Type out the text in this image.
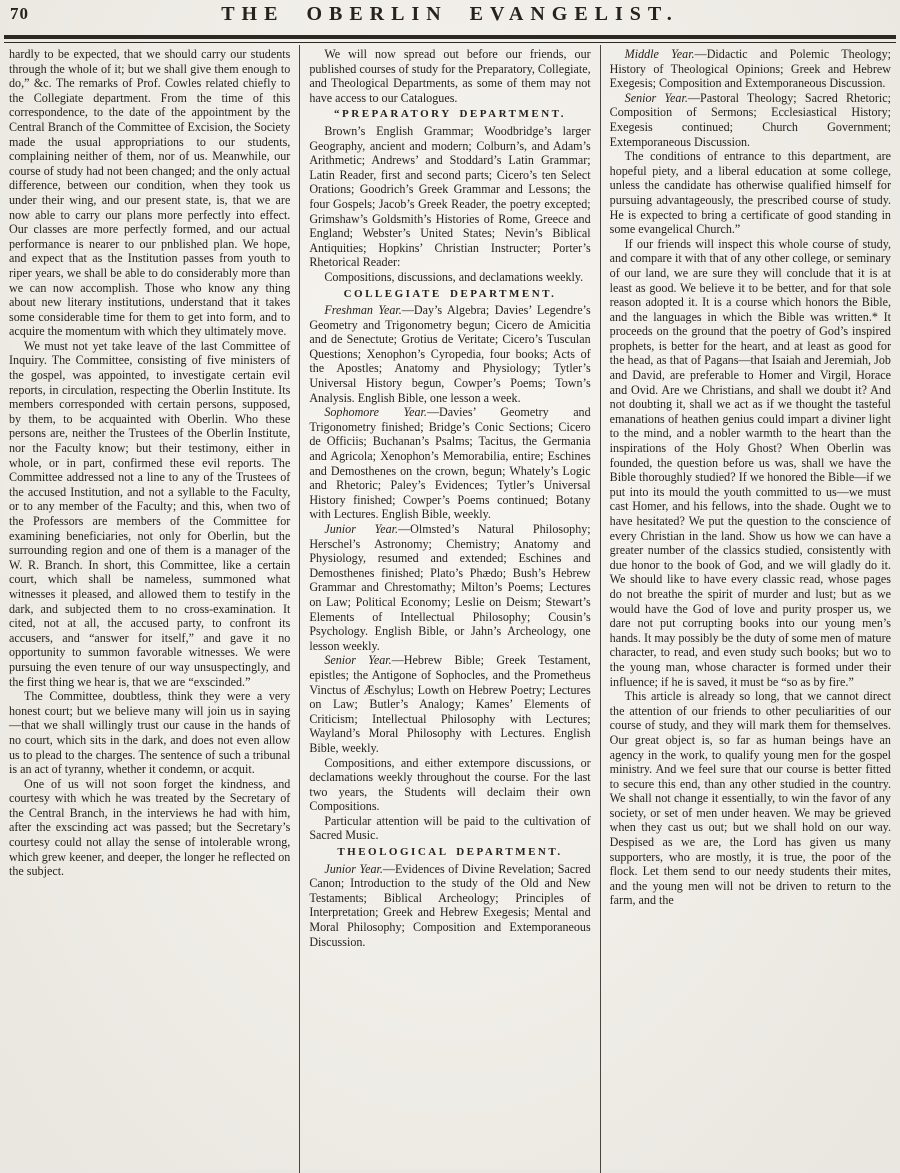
70	THE OBERLIN EVANGELIST.

hardly to be expected, that we should carry our students through the whole of it; but we shall give them enough to do,” &c. The remarks of Prof. Cowles related chiefly to the Collegiate department. From the time of this correspondence, to the date of the appointment by the Central Branch of the Committee of Excision, the Society made the usual appropriations to our students, complaining neither of them, nor of us. Meanwhile, our course of study had not been changed; and the only actual difference, between our condition, when they took us under their wing, and our present state, is, that we are now able to carry our plans more perfectly into effect. Our classes are more perfectly formed, and our actual performance is nearer to our pnblished plan. We hope, and expect that as the Institution passes from youth to riper years, we shall be able to do considerably more than we can now accomplish. Those who know any thing about new literary institutions, understand that it takes some considerable time for them to get into form, and to acquire the momentum with which they ultimately move.

We must not yet take leave of the last Committee of Inquiry. The Committee, consisting of five ministers of the gospel, was appointed, to investigate certain evil reports, in circulation, respecting the Oberlin Institute. Its members corresponded with certain persons, supposed, by them, to be acquainted with Oberlin. Who these persons are, neither the Trustees of the Oberlin Institute, nor the Faculty know; but their testimony, either in whole, or in part, confirmed these evil reports. The Committee addressed not a line to any of the Trustees of the accused Institution, and not a syllable to the Faculty, or to any member of the Faculty; and this, when two of the Professors are members of the Committee for examining beneficiaries, not only for Oberlin, but the surrounding region and one of them is a manager of the W. R. Branch. In short, this Committee, like a certain court, which shall be nameless, summoned what witnesses it pleased, and allowed them to testify in the dark, and subjected them to no cross-examination. It cited, not at all, the accused party, to confront its accusers, and “answer for itself,” and gave it no opportunity to summon favorable witnesses. We were pursuing the even tenure of our way unsuspectingly, and the first thing we hear is, that we are “exscinded.”

The Committee, doubtless, think they were a very honest court; but we believe many will join us in saying—that we shall willingly trust our cause in the hands of no court, which sits in the dark, and does not even allow us to plead to the charges. The sentence of such a tribunal is an act of tyranny, whether it condemn, or acquit.

One of us will not soon forget the kindness, and courtesy with which he was treated by the Secretary of the Central Branch, in the interviews he had with him, after the exscinding act was passed; but the Secretary’s courtesy could not allay the sense of intolerable wrong, which grew keener, and deeper, the longer he reflected on the subject.

We will now spread out before our friends, our published courses of study for the Preparatory, Collegiate, and Theological Departments, as some of them may not have access to our Catalogues.

“PREPARATORY DEPARTMENT.

Brown’s English Grammar; Woodbridge’s larger Geography, ancient and modern; Colburn’s, and Adam’s Arithmetic; Andrews’ and Stoddard’s Latin Grammar; Latin Reader, first and second parts; Cicero’s ten Select Orations; Goodrich’s Greek Grammar and Lessons; the four Gospels; Jacob’s Greek Reader, the poetry excepted; Grimshaw’s Goldsmith’s Histories of Rome, Greece and England; Webster’s United States; Nevin’s Biblical Antiquities; Hopkins’ Christian Instructer; Porter’s Rhetorical Reader:

Compositions, discussions, and declamations weekly.

COLLEGIATE DEPARTMENT.

Freshman Year.—Day’s Algebra; Davies’ Legendre’s Geometry and Trigonometry begun; Cicero de Amicitia and de Senectute; Grotius de Veritate; Cicero’s Tusculan Questions; Xenophon’s Cyropedia, four books; Acts of the Apostles; Anatomy and Physiology; Tytler’s Universal History begun, Cowper’s Poems; Town’s Analysis. English Bible, one lesson a week.

Sophomore Year.—Davies’ Geometry and Trigonometry finished; Bridge’s Conic Sections; Cicero de Officiis; Buchanan’s Psalms; Tacitus, the Germania and Agricola; Xenophon’s Memorabilia, entire; Eschines and Demosthenes on the crown, begun; Whately’s Logic and Rhetoric; Paley’s Evidences; Tytler’s Universal History finished; Cowper’s Poems continued; Botany with Lectures. English Bible, weekly.

Junior Year.—Olmsted’s Natural Philosophy; Herschel’s Astronomy; Chemistry; Anatomy and Physiology, resumed and extended; Eschines and Demosthenes finished; Plato’s Phædo; Bush’s Hebrew Grammar and Chrestomathy; Milton’s Poems; Lectures on Law; Political Economy; Leslie on Deism; Stewart’s Elements of Intellectual Philosophy; Cousin’s Psychology. English Bible, or Jahn’s Archeology, one lesson weekly.

Senior Year.—Hebrew Bible; Greek Testament, epistles; the Antigone of Sophocles, and the Prometheus Vinctus of Æschylus; Lowth on Hebrew Poetry; Lectures on Law; Butler’s Analogy; Kames’ Elements of Criticism; Intellectual Philosophy with Lectures; Wayland’s Moral Philosophy with Lectures. English Bible, weekly.

Compositions, and either extempore discussions, or declamations weekly throughout the course. For the last two years, the Students will declaim their own Compositions.

Particular attention will be paid to the cultivation of Sacred Music.

THEOLOGICAL DEPARTMENT.

Junior Year.—Evidences of Divine Revelation; Sacred Canon; Introduction to the study of the Old and New Testaments; Biblical Archeology; Principles of Interpretation; Greek and Hebrew Exegesis; Mental and Moral Philosophy; Composition and Extemporaneous Discussion.

Middle Year.—Didactic and Polemic Theology; History of Theological Opinions; Greek and Hebrew Exegesis; Composition and Extemporaneous Discussion.

Senior Year.—Pastoral Theology; Sacred Rhetoric; Composition of Sermons; Ecclesiastical History; Exegesis continued; Church Government; Extemporaneous Discussion.

The conditions of entrance to this department, are hopeful piety, and a liberal education at some college, unless the candidate has otherwise qualified himself for pursuing advantageously, the prescribed course of study. He is expected to bring a certificate of good standing in some evangelical Church.”

If our friends will inspect this whole course of study, and compare it with that of any other college, or seminary of our land, we are sure they will conclude that it is at least as good. We believe it to be better, and for that sole reason adopted it. It is a course which honors the Bible, and the languages in which the Bible was written.* It proceeds on the ground that the poetry of God’s inspired prophets, is better for the heart, and at least as good for the head, as that of Pagans—that Isaiah and Jeremiah, Job and David, are preferable to Homer and Virgil, Horace and Ovid. Are we Christians, and shall we doubt it? And not doubting it, shall we act as if we thought the tasteful emanations of heathen genius could impart a diviner light to the mind, and a nobler warmth to the heart than the inspirations of the Holy Ghost? When Oberlin was founded, the question before us was, shall we have the Bible thoroughly studied? If we honored the Bible—if we put into its mould the youth committed to us—we must cast Homer, and his fellows, into the shade. Ought we to have hesitated? We put the question to the conscience of every Christian in the land. Show us how we can have a greater number of the classics studied, consistently with due honor to the book of God, and we will gladly do it. We should like to have every classic read, whose pages do not breathe the spirit of murder and lust; but as we would have the God of love and purity prosper us, we dare not put corrupting books into our young men’s hands. It may possibly be the duty of some men of mature character, to read, and even study such books; but wo to the young man, whose character is formed under their influence; if he is saved, it must be “so as by fire.”

This article is already so long, that we cannot direct the attention of our friends to other peculiarities of our course of study, and they will mark them for themselves. Our great object is, so far as human beings have an agency in the work, to qualify young men for the gospel ministry. And we feel sure that our course is better fitted to secure this end, than any other studied in the country. We shall not change it essentially, to win the favor of any society, or set of men under heaven. We may be grieved when they cast us out; but we shall hold on our way. Despised as we are, the Lord has given us many supporters, who are mostly, it is true, the poor of the flock. Let them send to our needy students their mites, and the young men will not be driven to return to the farm, and the
